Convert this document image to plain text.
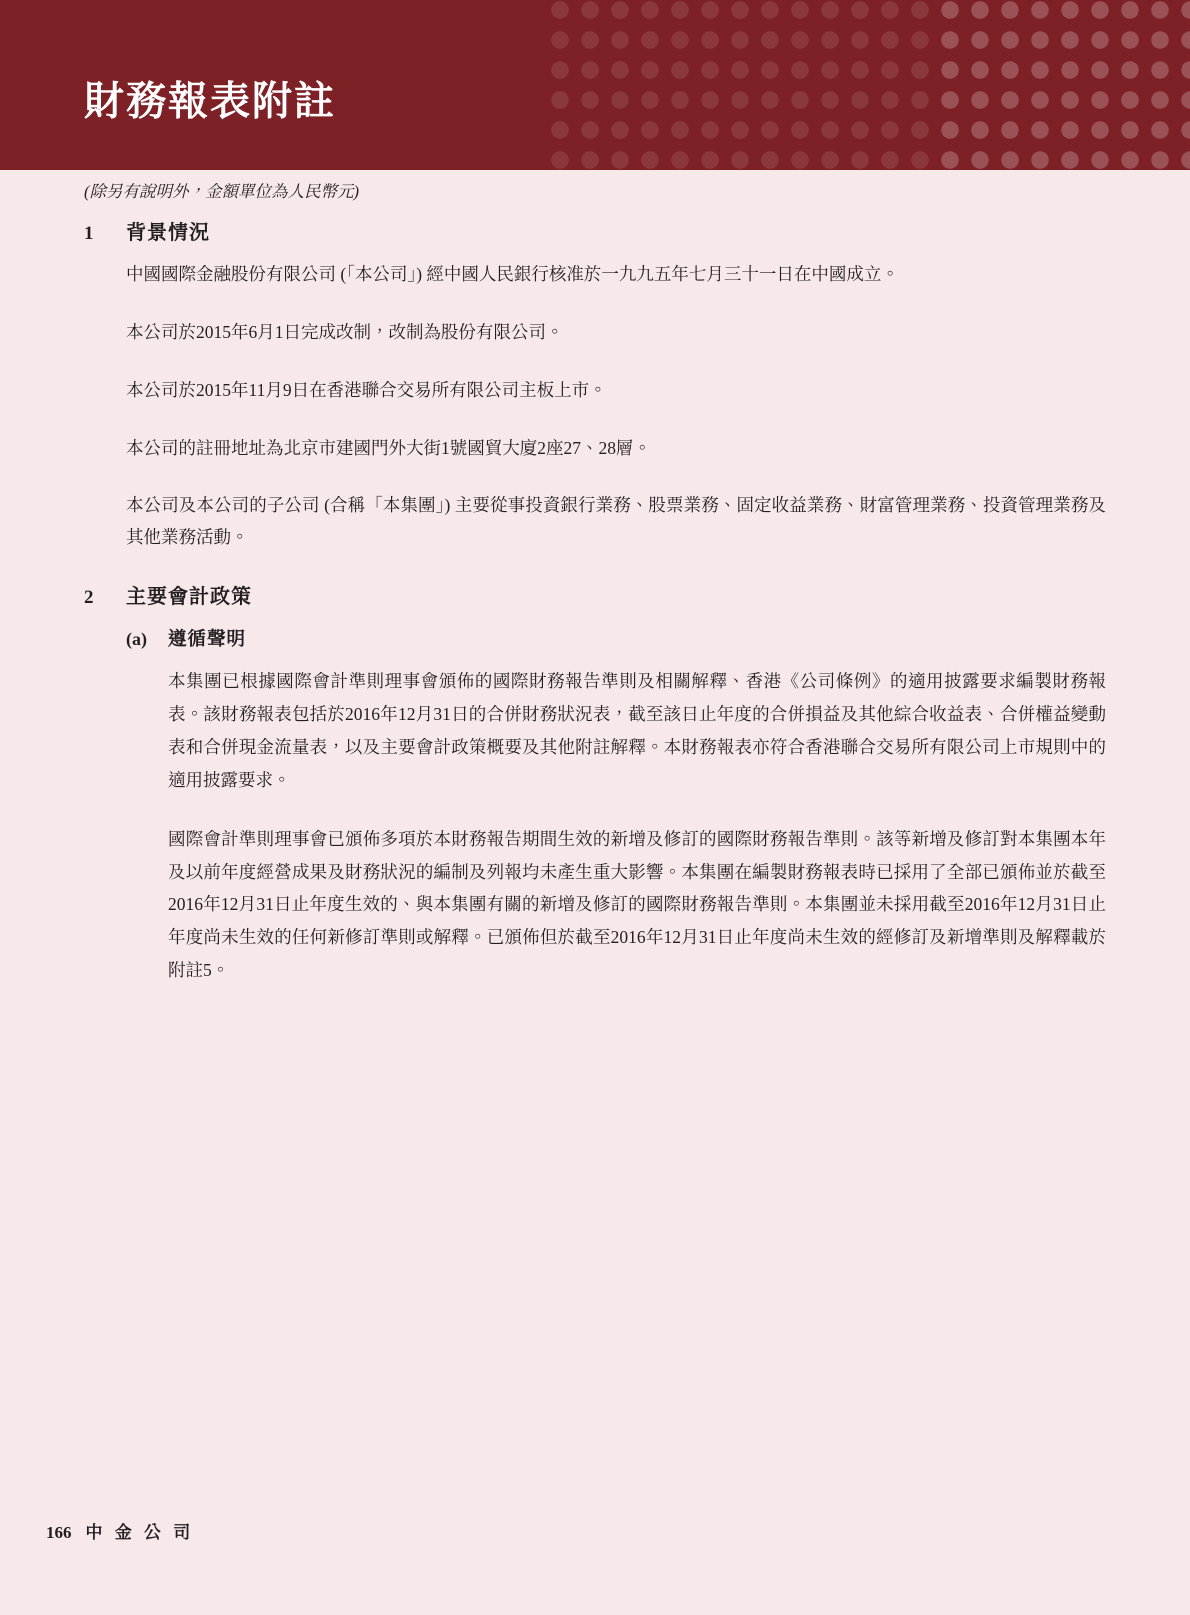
財務報表附註
(除另有說明外，金額單位為人民幣元)
1	背景情況

中國國際金融股份有限公司 (「本公司」) 經中國人民銀行核准於一九九五年七月三十一日在中國成立。

本公司於2015年6月1日完成改制，改制為股份有限公司。

本公司於2015年11月9日在香港聯合交易所有限公司主板上市。

本公司的註冊地址為北京市建國門外大街1號國貿大廈2座27、28層。

本公司及本公司的子公司 (合稱「本集團」) 主要從事投資銀行業務、股票業務、固定收益業務、財富管理業務、投資管理業務及其他業務活動。

2	主要會計政策
(a)	遵循聲明

本集團已根據國際會計準則理事會頒佈的國際財務報告準則及相關解釋、香港《公司條例》的適用披露要求編製財務報表。該財務報表包括於2016年12月31日的合併財務狀況表，截至該日止年度的合併損益及其他綜合收益表、合併權益變動表和合併現金流量表，以及主要會計政策概要及其他附註解釋。本財務報表亦符合香港聯合交易所有限公司上市規則中的適用披露要求。

國際會計準則理事會已頒佈多項於本財務報告期間生效的新增及修訂的國際財務報告準則。該等新增及修訂對本集團本年及以前年度經營成果及財務狀況的編制及列報均未產生重大影響。本集團在編製財務報表時已採用了全部已頒佈並於截至2016年12月31日止年度生效的、與本集團有關的新增及修訂的國際財務報告準則。本集團並未採用截至2016年12月31日止年度尚未生效的任何新修訂準則或解釋。已頒佈但於截至2016年12月31日止年度尚未生效的經修訂及新增準則及解釋載於附註5。

166 中 金 公 司
